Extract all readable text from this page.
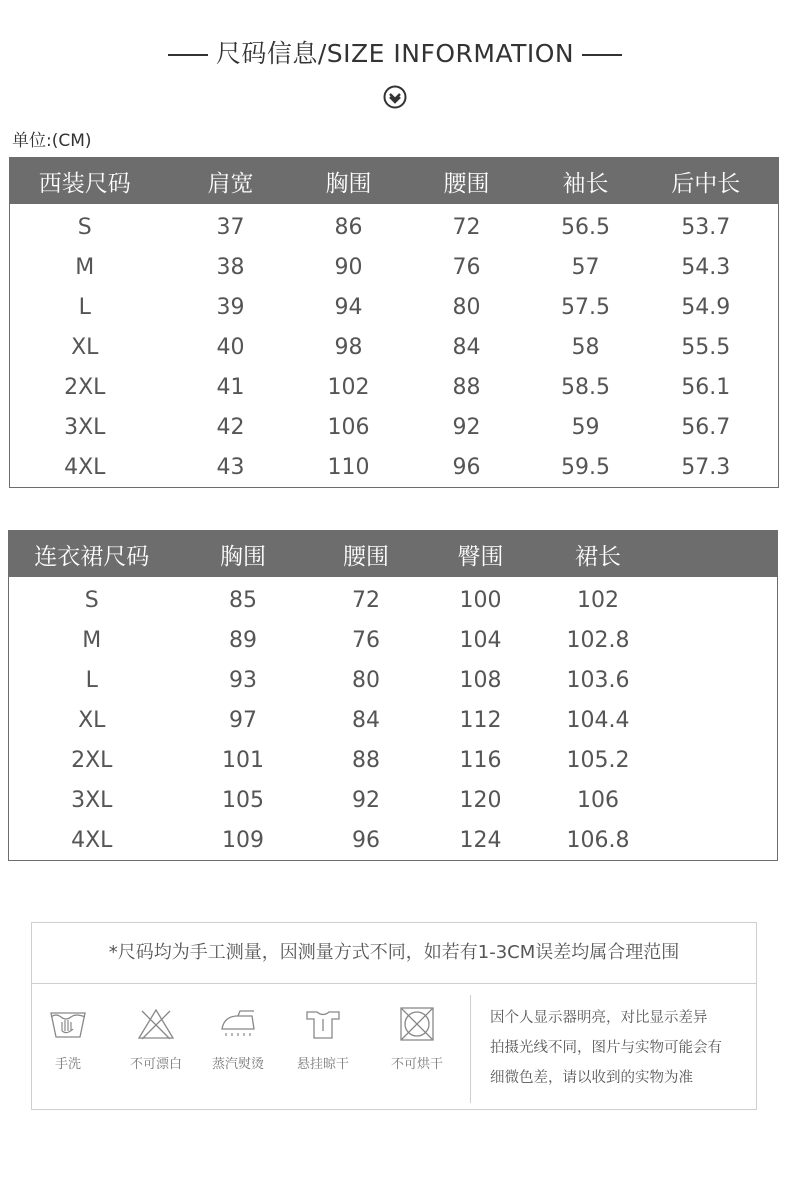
尺码信息/SIZE INFORMATION
单位:(CM)
西装尺码	肩宽	胸围	腰围	袖长	后中长
S	37	86	72	56.5	53.7
M	38	90	76	57	54.3
L	39	94	80	57.5	54.9
XL	40	98	84	58	55.5
2XL	41	102	88	58.5	56.1
3XL	42	106	92	59	56.7
4XL	43	110	96	59.5	57.3
连衣裙尺码	胸围	腰围	臀围	裙长	
S	85	72	100	102	
M	89	76	104	102.8	
L	93	80	108	103.6	
XL	97	84	112	104.4	
2XL	101	88	116	105.2	
3XL	105	92	120	106	
4XL	109	96	124	106.8	
*尺码均为手工测量，因测量方式不同，如若有1-3CM误差均属合理范围
手洗	不可漂白	蒸汽熨烫	悬挂晾干	不可烘干
因个人显示器明亮，对比显示差异
拍摄光线不同，图片与实物可能会有
细微色差，请以收到的实物为准
